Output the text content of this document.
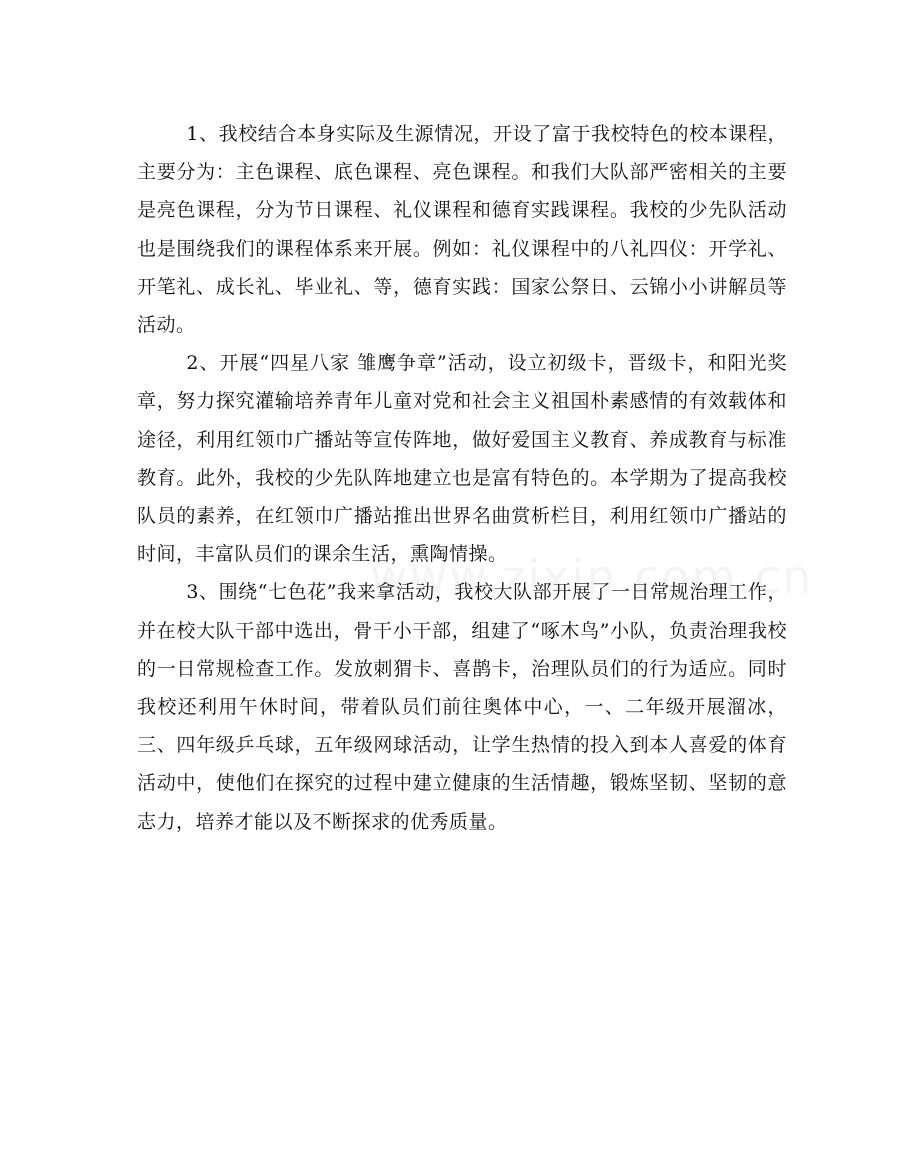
1、我校结合本身实际及生源情况，开设了富于我校特色的校本课程，主要分为：主色课程、底色课程、亮色课程。和我们大队部严密相关的主要是亮色课程，分为节日课程、礼仪课程和德育实践课程。我校的少先队活动也是围绕我们的课程体系来开展。例如：礼仪课程中的八礼四仪：开学礼、开笔礼、成长礼、毕业礼、等，德育实践：国家公祭日、云锦小小讲解员等活动。

2、开展“四星八家 雏鹰争章”活动，设立初级卡，晋级卡，和阳光奖章，努力探究灌输培养青年儿童对党和社会主义祖国朴素感情的有效载体和途径，利用红领巾广播站等宣传阵地，做好爱国主义教育、养成教育与标准教育。此外，我校的少先队阵地建立也是富有特色的。本学期为了提高我校队员的素养，在红领巾广播站推出世界名曲赏析栏目，利用红领巾广播站的时间，丰富队员们的课余生活，熏陶情操。

3、围绕“七色花”我来拿活动，我校大队部开展了一日常规治理工作，并在校大队干部中选出，骨干小干部，组建了“啄木鸟”小队，负责治理我校的一日常规检查工作。发放刺猬卡、喜鹊卡，治理队员们的行为适应。同时我校还利用午休时间，带着队员们前往奥体中心，一、二年级开展溜冰，三、四年级乒乓球，五年级网球活动，让学生热情的投入到本人喜爱的体育活动中，使他们在探究的过程中建立健康的生活情趣，锻炼坚韧、坚韧的意志力，培养才能以及不断探求的优秀质量。
